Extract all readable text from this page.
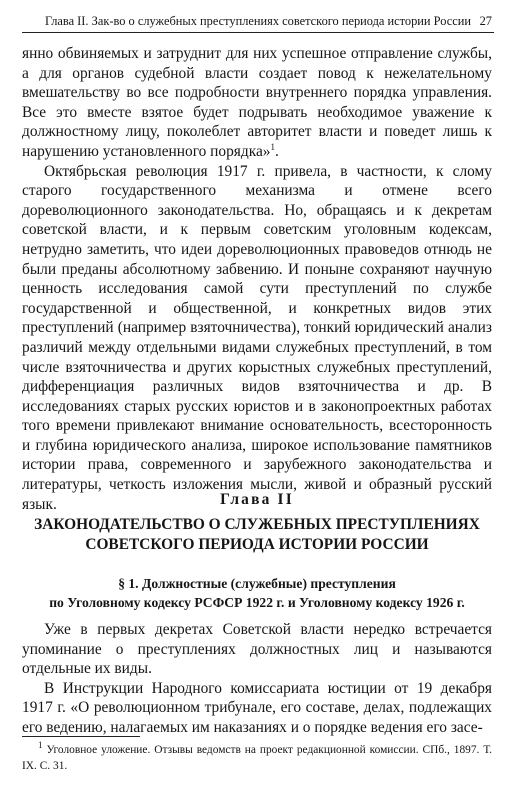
Глава II. Зак-во о служебных преступлениях советского периода истории России 27

янно обвиняемых и затруднит для них успешное отправление службы, а для органов судебной власти создает повод к нежелательному вмешательству во все подробности внутреннего порядка управления. Все это вместе взятое будет подрывать необходимое уважение к должностному лицу, поколеблет авторитет власти и поведет лишь к нарушению установленного порядка»$^1$.

Октябрьская революция 1917 г. привела, в частности, к слому старого государственного механизма и отмене всего дореволюционного законодательства. Но, обращаясь и к декретам советской власти, и к первым советским уголовным кодексам, нетрудно заметить, что идеи дореволюционных правоведов отнюдь не были преданы абсолютному забвению. И поныне сохраняют научную ценность исследования самой сути преступлений по службе государственной и общественной, и конкретных видов этих преступлений (например взяточничества), тонкий юридический анализ различий между отдельными видами служебных преступлений, в том числе взяточничества и других корыстных служебных преступлений, дифференциация различных видов взяточничества и др. В исследованиях старых русских юристов и в законопроектных работах того времени привлекают внимание основательность, всесторонность и глубина юридического анализа, широкое использование памятников истории права, современного и зарубежного законодательства и литературы, четкость изложения мысли, живой и образный русский язык.	Глава II
ЗАКОНОДАТЕЛЬСТВО О СЛУЖЕБНЫХ ПРЕСТУПЛЕНИЯХ
СОВЕТСКОГО ПЕРИОДА ИСТОРИИ РОССИИ
§ 1. Должностные (служебные) преступления
по Уголовному кодексу РСФСР 1922 г. и Уголовному кодексу 1926 г.

Уже в первых декретах Советской власти нередко встречается упоминание о преступлениях должностных лиц и называются отдельные их виды.

В Инструкции Народного комиссариата юстиции от 19 декабря 1917 г. «О революционном трибунале, его составе, делах, подлежащих его ведению, налагаемых им наказаниях и о порядке ведения его засе-

$^1$ Уголовное уложение. Отзывы ведомств на проект редакционной комиссии. СПб., 1897. Т. IX. С. 31.
